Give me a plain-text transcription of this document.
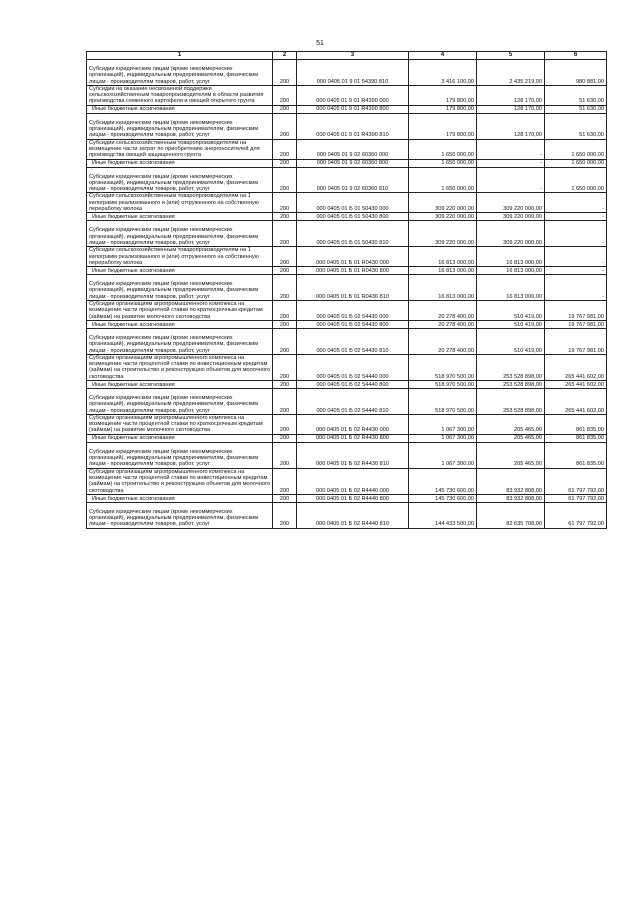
51
1	2	3	4	5	6
Субсидии юридическим лицам (кроме некоммерческих организаций), индивидуальным предпринимателям, физическим лицам - производителям товаров, работ, услуг	200	000 0405 01 9 01 54390 810	3 416 100,00	2 435 219,00	980 881,00
Субсидии на оказание несвязанной поддержки сельскохозяйственным товаропроизводителям в области развития производства семенного картофеля и овощей открытого грунта	200	000 0405 01 9 01 R4390 000	179 800,00	128 170,00	51 630,00
Иные бюджетные ассигнования	200	000 0405 01 9 01 R4390 800	179 800,00	128 170,00	51 630,00
Субсидии юридическим лицам (кроме некоммерческих организаций), индивидуальным предпринимателям, физическим лицам - производителям товаров, работ, услуг	200	000 0405 01 9 01 R4390 810	179 800,00	128 170,00	51 630,00
Субсидии сельскохозяйственным товаропроизводителям на возмещение части затрат по приобретению энергоносителей для производства овощей защищенного грунта	200	000 0405 01 9 02 60360 000	1 650 000,00	-	1 650 000,00
Иные бюджетные ассигнования	200	000 0405 01 9 02 60360 800	1 650 000,00	-	1 650 000,00
Субсидии юридическим лицам (кроме некоммерческих организаций), индивидуальным предпринимателям, физическим лицам - производителям товаров, работ, услуг	200	000 0405 01 9 02 60360 810	1 650 000,00	-	1 650 000,00
Субсидии сельскохозяйственным товаропроизводителям на 1 килограмм реализованного и (или) отгруженного на собственную переработку молока	200	000 0405 01 Б 01 50430 000	309 220 000,00	309 220 000,00	-
Иные бюджетные ассигнования	200	000 0405 01 Б 01 50430 800	309 220 000,00	309 220 000,00	-
Субсидии юридическим лицам (кроме некоммерческих организаций), индивидуальным предпринимателям, физическим лицам - производителям товаров, работ, услуг	200	000 0405 01 Б 01 50430 810	309 220 000,00	309 220 000,00	-
Субсидии сельскохозяйственным товаропроизводителям на 1 килограмм реализованного и (или) отгруженного на собственную переработку молока	200	000 0405 01 Б 01 R0430 000	16 813 000,00	16 813 000,00	-
Иные бюджетные ассигнования	200	000 0405 01 Б 01 R0430 800	16 813 000,00	16 813 000,00	-
Субсидии юридическим лицам (кроме некоммерческих организаций), индивидуальным предпринимателям, физическим лицам - производителям товаров, работ, услуг	200	000 0405 01 Б 01 R0430 810	16 813 000,00	16 813 000,00	-
Субсидии организациям агропромышленного комплекса на возмещение части процентной ставки по краткосрочным кредитам (займам) на развитие молочного скотоводства	200	000 0405 01 Б 02 54430 000	20 278 400,00	510 419,00	19 767 981,00
Иные бюджетные ассигнования	200	000 0405 01 Б 02 54430 800	20 278 400,00	510 419,00	19 767 981,00
Субсидии юридическим лицам (кроме некоммерческих организаций), индивидуальным предпринимателям, физическим лицам - производителям товаров, работ, услуг	200	000 0405 01 Б 02 54430 810	20 278 400,00	510 419,00	19 767 981,00
Субсидии организациям агропромышленного комплекса на возмещение части процентной ставки по инвестиционным кредитам (займам) на строительство и реконструкцию объектов для молочного скотоводства	200	000 0405 01 Б 02 54440 000	518 970 500,00	253 528 898,00	265 441 602,00
Иные бюджетные ассигнования	200	000 0405 01 Б 02 54440 800	518 970 500,00	253 528 898,00	265 441 602,00
Субсидии юридическим лицам (кроме некоммерческих организаций), индивидуальным предпринимателям, физическим лицам - производителям товаров, работ, услуг	200	000 0405 01 Б 02 54440 810	518 970 500,00	253 528 898,00	265 441 602,00
Субсидии организациям агропромышленного комплекса на возмещение части процентной ставки по краткосрочным кредитам (займам) на развитие молочного скотоводства	200	000 0405 01 Б 02 R4430 000	1 067 300,00	205 465,00	861 835,00
Иные бюджетные ассигнования	200	000 0405 01 Б 02 R4430 800	1 067 300,00	205 465,00	861 835,00
Субсидии юридическим лицам (кроме некоммерческих организаций), индивидуальным предпринимателям, физическим лицам - производителям товаров, работ, услуг	200	000 0405 01 Б 02 R4430 810	1 067 300,00	205 465,00	861 835,00
Субсидии организациям агропромышленного комплекса на возмещение части процентной ставки по инвестиционным кредитам (займам) на строительство и реконструкцию объектов для молочного скотоводства	200	000 0405 01 Б 02 R4440 000	145 730 600,00	83 932 808,00	61 797 792,00
Иные бюджетные ассигнования	200	000 0405 01 Б 02 R4440 800	145 730 600,00	83 932 808,00	61 797 792,00
Субсидии юридическим лицам (кроме некоммерческих организаций), индивидуальным предпринимателям, физическим лицам - производителям товаров, работ, услуг	200	000 0405 01 Б 02 R4440 810	144 433 500,00	82 635 708,00	61 797 792,00
